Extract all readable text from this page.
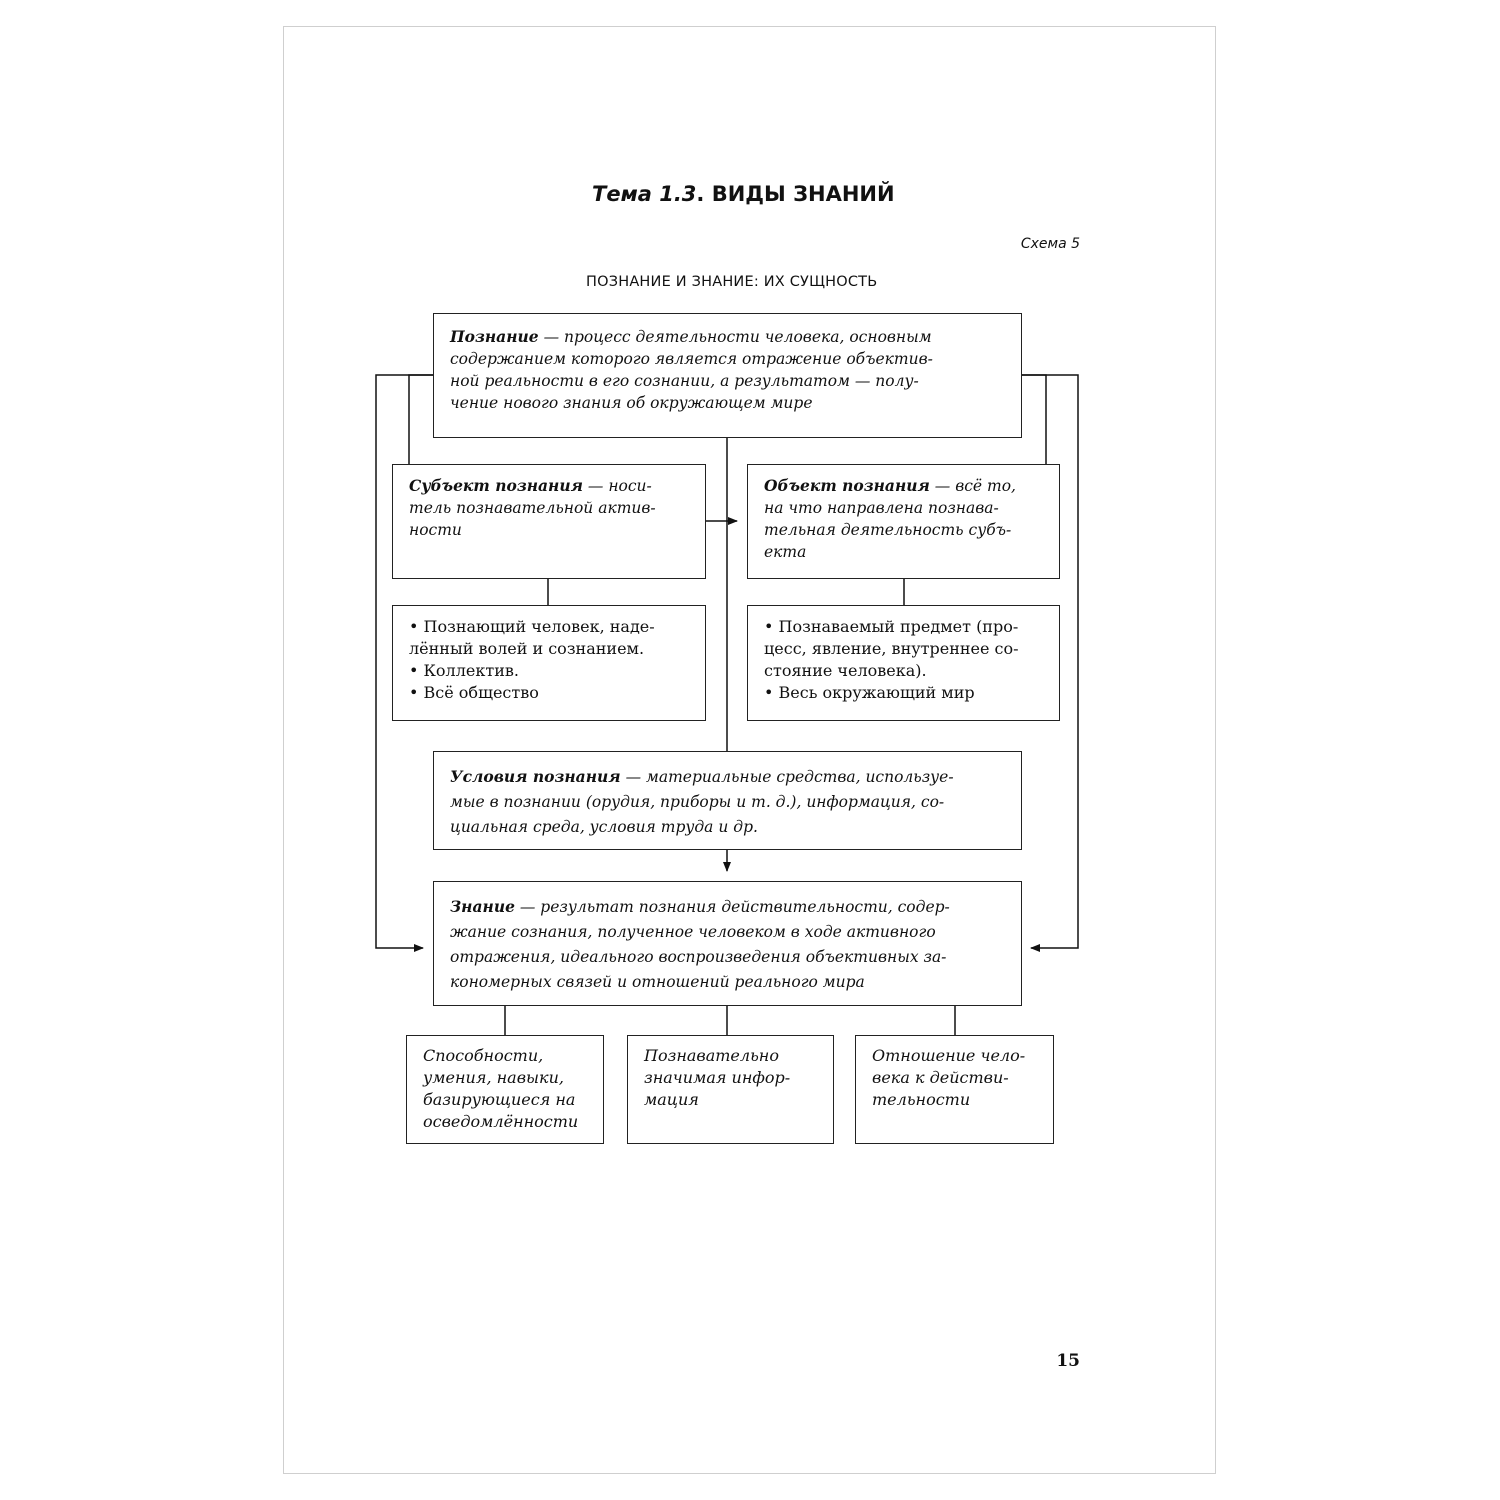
Тема 1.3. ВИДЫ ЗНАНИЙ
Схема 5
ПОЗНАНИЕ И ЗНАНИЕ: ИХ СУЩНОСТЬ
Познание — процесс деятельности человека, основным
содержанием которого является отражение объектив-
ной реальности в его сознании, а результатом — полу-
чение нового знания об окружающем мире
Субъект познания — носи-
тель познавательной актив-
ности
Объект познания — всё то,
на что направлена познава-
тельная деятельность субъ-
екта
• Познающий человек, наде-
лённый волей и сознанием.
• Коллектив.
• Всё общество
• Познаваемый предмет (про-
цесс, явление, внутреннее со-
стояние человека).
• Весь окружающий мир
Условия познания — материальные средства, используе-
мые в познании (орудия, приборы и т. д.), информация, со-
циальная среда, условия труда и др.
Знание — результат познания действительности, содер-
жание сознания, полученное человеком в ходе активного
отражения, идеального воспроизведения объективных за-
кономерных связей и отношений реального мира
Способности,
умения, навыки,
базирующиеся на
осведомлённости
Познавательно
значимая инфор-
мация
Отношение чело-
века к действи-
тельности
15
